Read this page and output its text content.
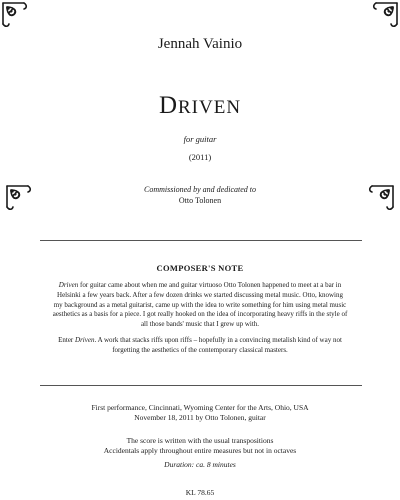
Jennah Vainio
DRIVEN
for guitar
(2011)
Commissioned by and dedicated to
Otto Tolonen
COMPOSER'S NOTE
Driven for guitar came about when me and guitar virtuoso Otto Tolonen happened to meet at a bar in Helsinki a few years back. After a few dozen drinks we started discussing metal music. Otto, knowing my background as a metal guitarist, came up with the idea to write something for him using metal music aesthetics as a basis for a piece. I got really hooked on the idea of incorporating heavy riffs in the style of all those bands' music that I grew up with.
Enter Driven. A work that stacks riffs upon riffs – hopefully in a convincing metalish kind of way not forgetting the aesthetics of the contemporary classical masters.
First performance, Cincinnati, Wyoming Center for the Arts, Ohio, USA
November 18, 2011 by Otto Tolonen, guitar
The score is written with the usual transpositions
Accidentals apply throughout entire measures but not in octaves
Duration: ca. 8 minutes
KL 78.65
